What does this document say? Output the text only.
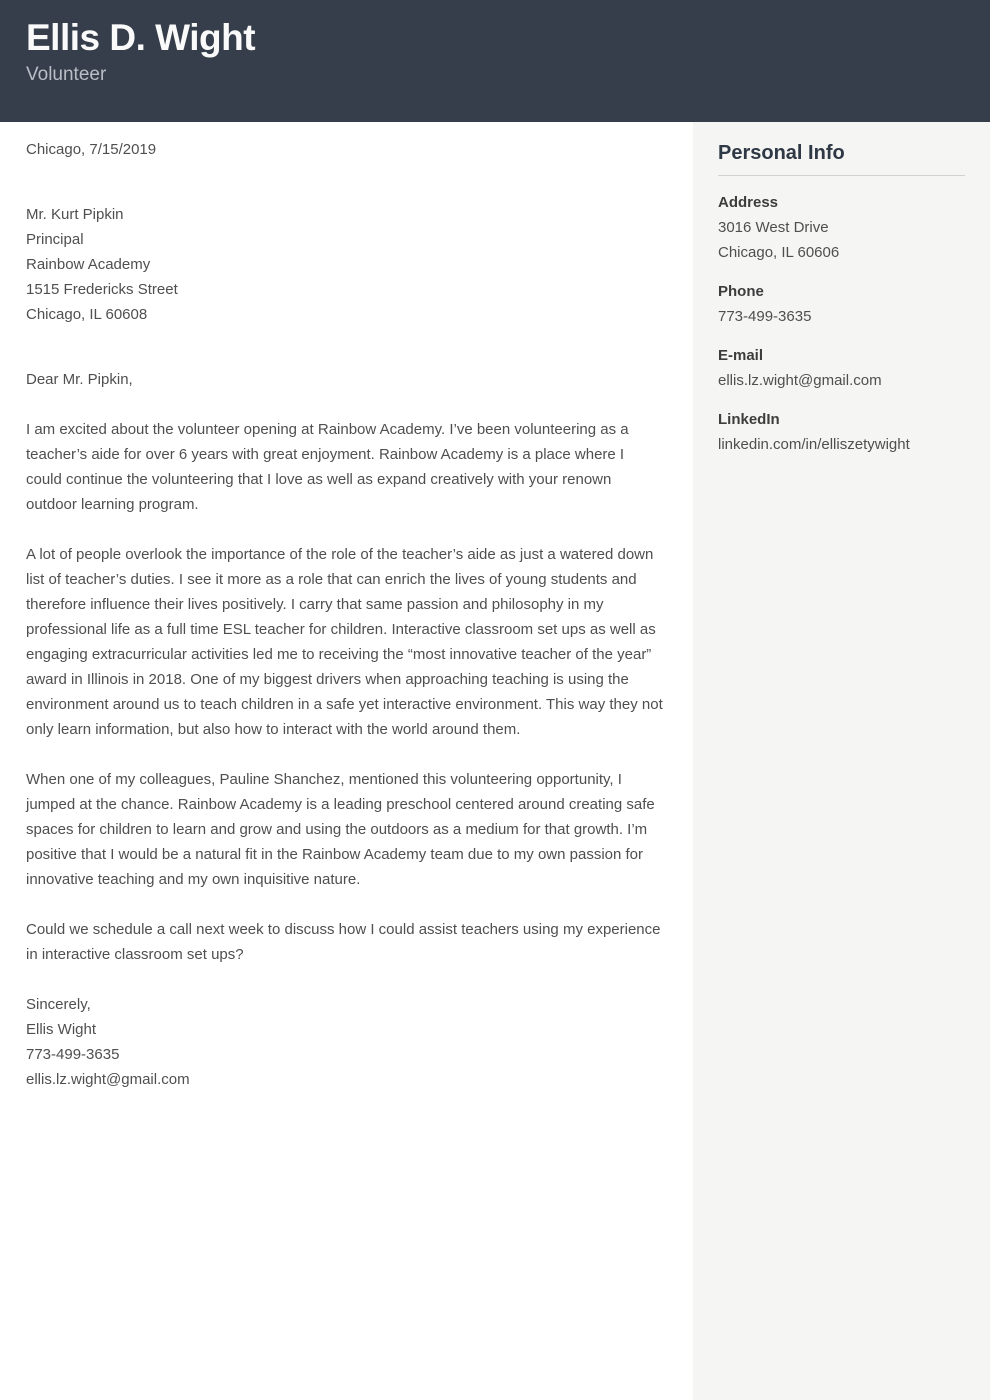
Ellis D. Wight
Volunteer

Chicago, 7/15/2019

Mr. Kurt Pipkin
Principal
Rainbow Academy
1515 Fredericks Street
Chicago, IL 60608

Dear Mr. Pipkin,

I am excited about the volunteer opening at Rainbow Academy. I’ve been volunteering as a teacher’s aide for over 6 years with great enjoyment. Rainbow Academy is a place where I could continue the volunteering that I love as well as expand creatively with your renown outdoor learning program.

A lot of people overlook the importance of the role of the teacher’s aide as just a watered down list of teacher’s duties. I see it more as a role that can enrich the lives of young students and therefore influence their lives positively. I carry that same passion and philosophy in my professional life as a full time ESL teacher for children. Interactive classroom set ups as well as engaging extracurricular activities led me to receiving the “most innovative teacher of the year” award in Illinois in 2018. One of my biggest drivers when approaching teaching is using the environment around us to teach children in a safe yet interactive environment. This way they not only learn information, but also how to interact with the world around them.

When one of my colleagues, Pauline Shanchez, mentioned this volunteering opportunity, I jumped at the chance. Rainbow Academy is a leading preschool centered around creating safe spaces for children to learn and grow and using the outdoors as a medium for that growth. I’m positive that I would be a natural fit in the Rainbow Academy team due to my own passion for innovative teaching and my own inquisitive nature.

Could we schedule a call next week to discuss how I could assist teachers using my experience in interactive classroom set ups?

Sincerely,
Ellis Wight
773-499-3635
ellis.lz.wight@gmail.com
Personal Info
Address
3016 West Drive
Chicago, IL 60606
Phone
773-499-3635
E-mail
ellis.lz.wight@gmail.com
LinkedIn
linkedin.com/in/elliszetywight
